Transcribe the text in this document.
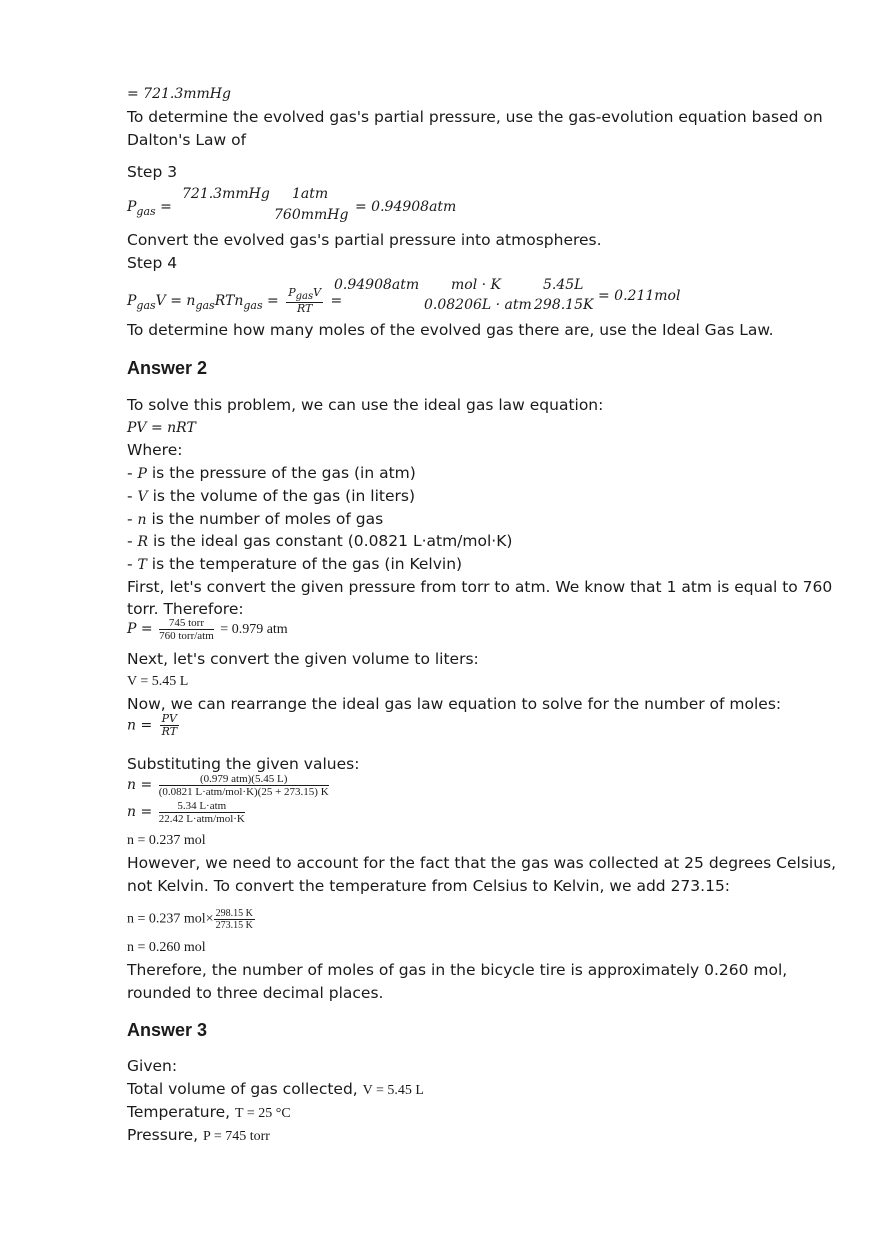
= 721.3mmHg
To determine the evolved gas's partial pressure, use the gas-evolution equation based on
Dalton's Law of
Step 3
$P_{gas}$ =
721.3mmHg 1atm
760mmHg = 0.94908atm
Convert the evolved gas's partial pressure into atmospheres.
Step 4
$P_{gas}V = n_{gas}RTn_{gas} = \frac{P_{gas}V}{RT}$ =
0.94908atm mol · K	5.45L
0.08206L · atm 298.15K
= 0.211mol
To determine how many moles of the evolved gas there are, use the Ideal Gas Law.
Answer 2
To solve this problem, we can use the ideal gas law equation:
PV = nRT
Where:
- P is the pressure of the gas (in atm)
- V is the volume of the gas (in liters)
- n is the number of moles of gas
- R is the ideal gas constant (0.0821 L·atm/mol·K)
- T is the temperature of the gas (in Kelvin)
First, let's convert the given pressure from torr to atm. We know that 1 atm is equal to 760
torr. Therefore:
$P = \frac{\text{745 torr}}{\text{760 torr/atm}} = 0.979$ atm
Next, let's convert the given volume to liters:
V = 5.45 L
Now, we can rearrange the ideal gas law equation to solve for the number of moles:
$n = \frac{PV}{RT}$
Substituting the given values:
$n = \frac{\text{(0.979 atm)(5.45 L)}}{\text{(0.0821 L·atm/mol·K)(25 + 273.15) K}}$
$n = \frac{\text{5.34 L·atm}}{\text{22.42 L·atm/mol·K}}$
n = 0.237 mol
However, we need to account for the fact that the gas was collected at 25 degrees Celsius,
not Kelvin. To convert the temperature from Celsius to Kelvin, we add 273.15:
n = 0.237 $mol\times \frac{298.15 K}{273.15 K}$
n = 0.260 mol
Therefore, the number of moles of gas in the bicycle tire is approximately 0.260 mol,
rounded to three decimal places.
Answer 3
Given:
Total volume of gas collected, V = 5.45 L
Temperature, T = 25 °C
Pressure, P = 745 torr
